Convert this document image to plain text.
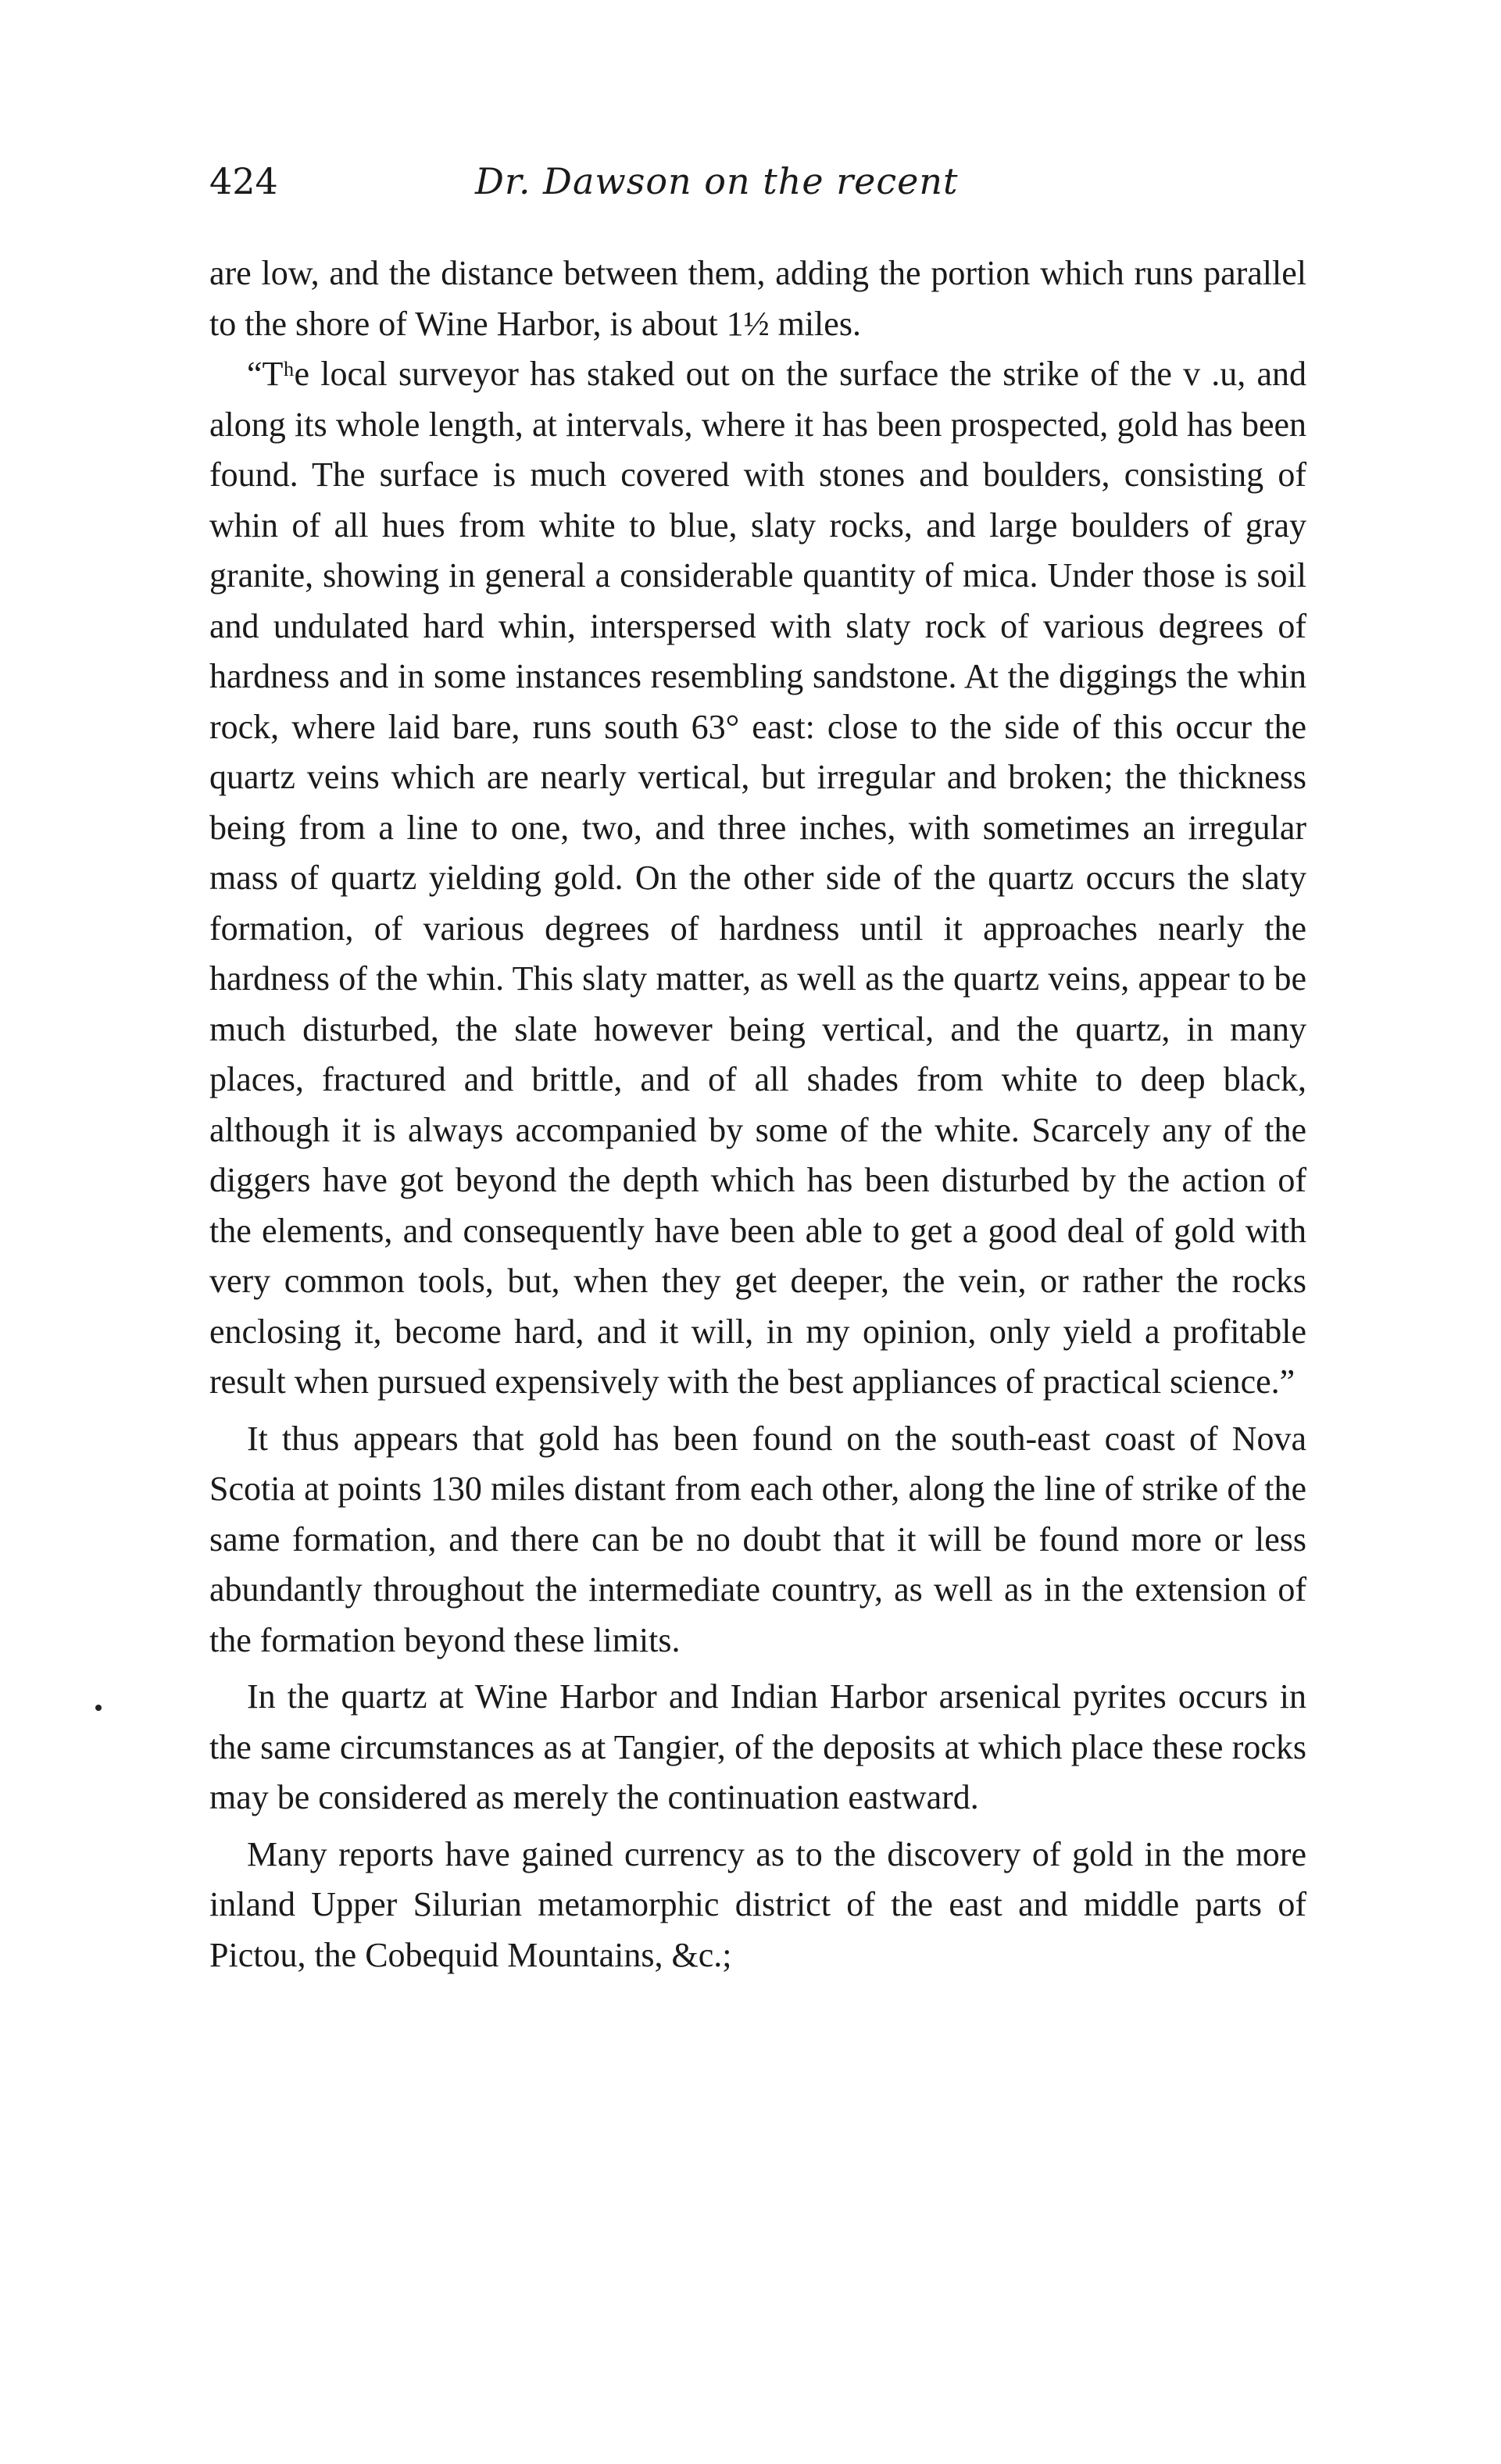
424	Dr. Dawson on the recent

are low, and the distance between them, adding the portion which runs parallel to the shore of Wine Harbor, is about 1½ miles.

“Tʰe local surveyor has staked out on the surface the strike of the v .u, and along its whole length, at intervals, where it has been prospected, gold has been found. The surface is much covered with stones and boulders, consisting of whin of all hues from white to blue, slaty rocks, and large boulders of gray granite, showing in general a considerable quantity of mica. Under those is soil and undulated hard whin, interspersed with slaty rock of various degrees of hardness and in some instances resembling sandstone. At the diggings the whin rock, where laid bare, runs south 63° east: close to the side of this occur the quartz veins which are nearly vertical, but irregular and broken; the thickness being from a line to one, two, and three inches, with sometimes an irregular mass of quartz yielding gold. On the other side of the quartz occurs the slaty formation, of various degrees of hardness until it approaches nearly the hardness of the whin. This slaty matter, as well as the quartz veins, appear to be much disturbed, the slate however being vertical, and the quartz, in many places, fractured and brittle, and of all shades from white to deep black, although it is always accompanied by some of the white. Scarcely any of the diggers have got beyond the depth which has been disturbed by the action of the elements, and consequently have been able to get a good deal of gold with very common tools, but, when they get deeper, the vein, or rather the rocks enclosing it, become hard, and it will, in my opinion, only yield a profitable result when pursued expensively with the best appliances of practical science.”

It thus appears that gold has been found on the south-east coast of Nova Scotia at points 130 miles distant from each other, along the line of strike of the same formation, and there can be no doubt that it will be found more or less abundantly throughout the intermediate country, as well as in the extension of the formation beyond these limits.

In the quartz at Wine Harbor and Indian Harbor arsenical pyrites occurs in the same circumstances as at Tangier, of the deposits at which place these rocks may be considered as merely the continuation eastward.

Many reports have gained currency as to the discovery of gold in the more inland Upper Silurian metamorphic district of the east and middle parts of Pictou, the Cobequid Mountains, &c.;
